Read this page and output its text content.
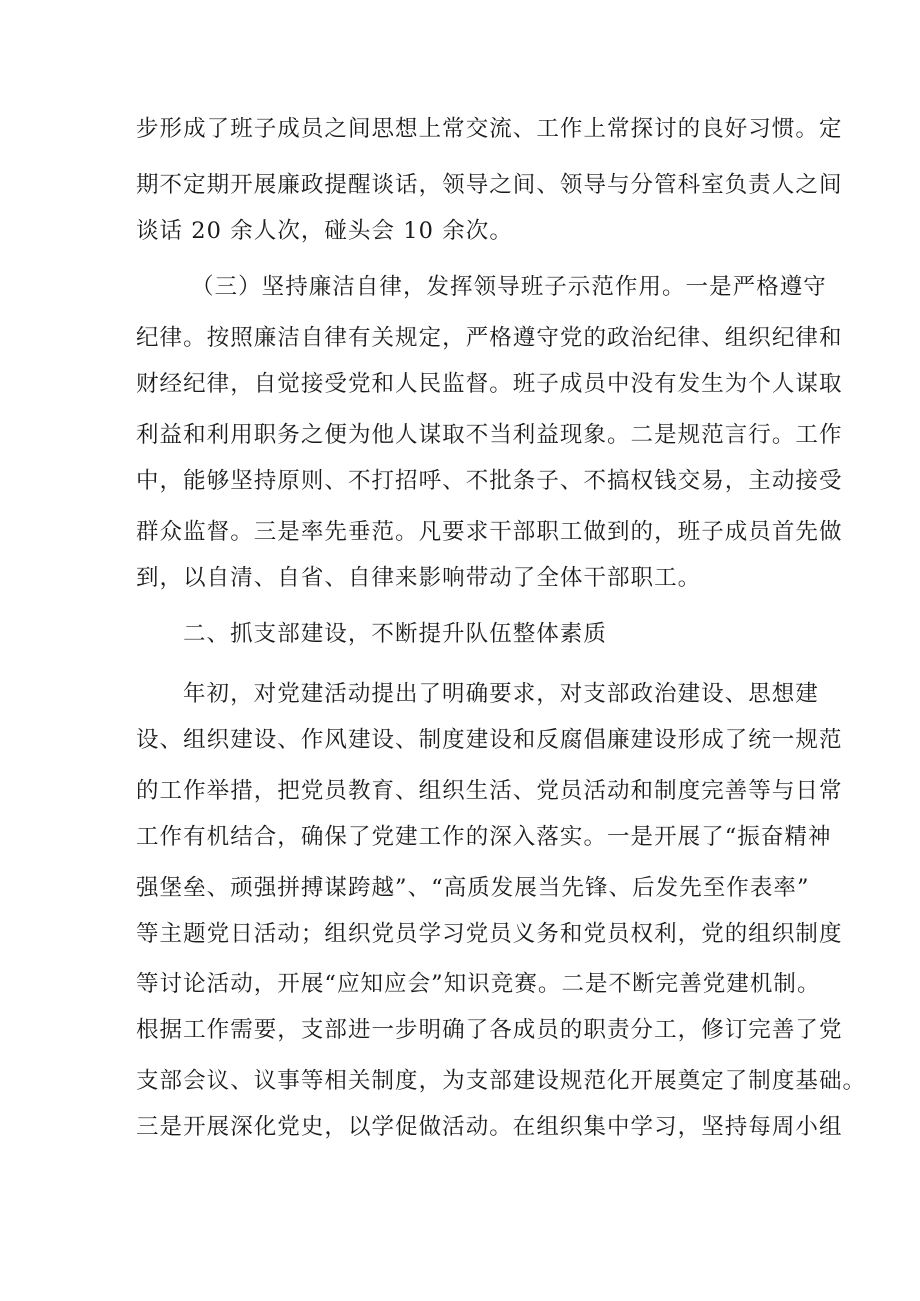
步形成了班子成员之间思想上常交流、工作上常探讨的良好习惯。定
期不定期开展廉政提醒谈话，领导之间、领导与分管科室负责人之间
谈话 20 余人次，碰头会 10 余次。
（三）坚持廉洁自律，发挥领导班子示范作用。一是严格遵守
纪律。按照廉洁自律有关规定，严格遵守党的政治纪律、组织纪律和
财经纪律，自觉接受党和人民监督。班子成员中没有发生为个人谋取
利益和利用职务之便为他人谋取不当利益现象。二是规范言行。工作
中，能够坚持原则、不打招呼、不批条子、不搞权钱交易，主动接受
群众监督。三是率先垂范。凡要求干部职工做到的，班子成员首先做
到，以自清、自省、自律来影响带动了全体干部职工。
二、抓支部建设，不断提升队伍整体素质
年初，对党建活动提出了明确要求，对支部政治建设、思想建
设、组织建设、作风建设、制度建设和反腐倡廉建设形成了统一规范
的工作举措，把党员教育、组织生活、党员活动和制度完善等与日常
工作有机结合，确保了党建工作的深入落实。一是开展了“振奋精神
强堡垒、顽强拼搏谋跨越”、“高质发展当先锋、后发先至作表率”
等主题党日活动；组织党员学习党员义务和党员权利，党的组织制度
等讨论活动，开展“应知应会”知识竞赛。二是不断完善党建机制。
根据工作需要，支部进一步明确了各成员的职责分工，修订完善了党
支部会议、议事等相关制度，为支部建设规范化开展奠定了制度基础。
三是开展深化党史，以学促做活动。在组织集中学习，坚持每周小组
